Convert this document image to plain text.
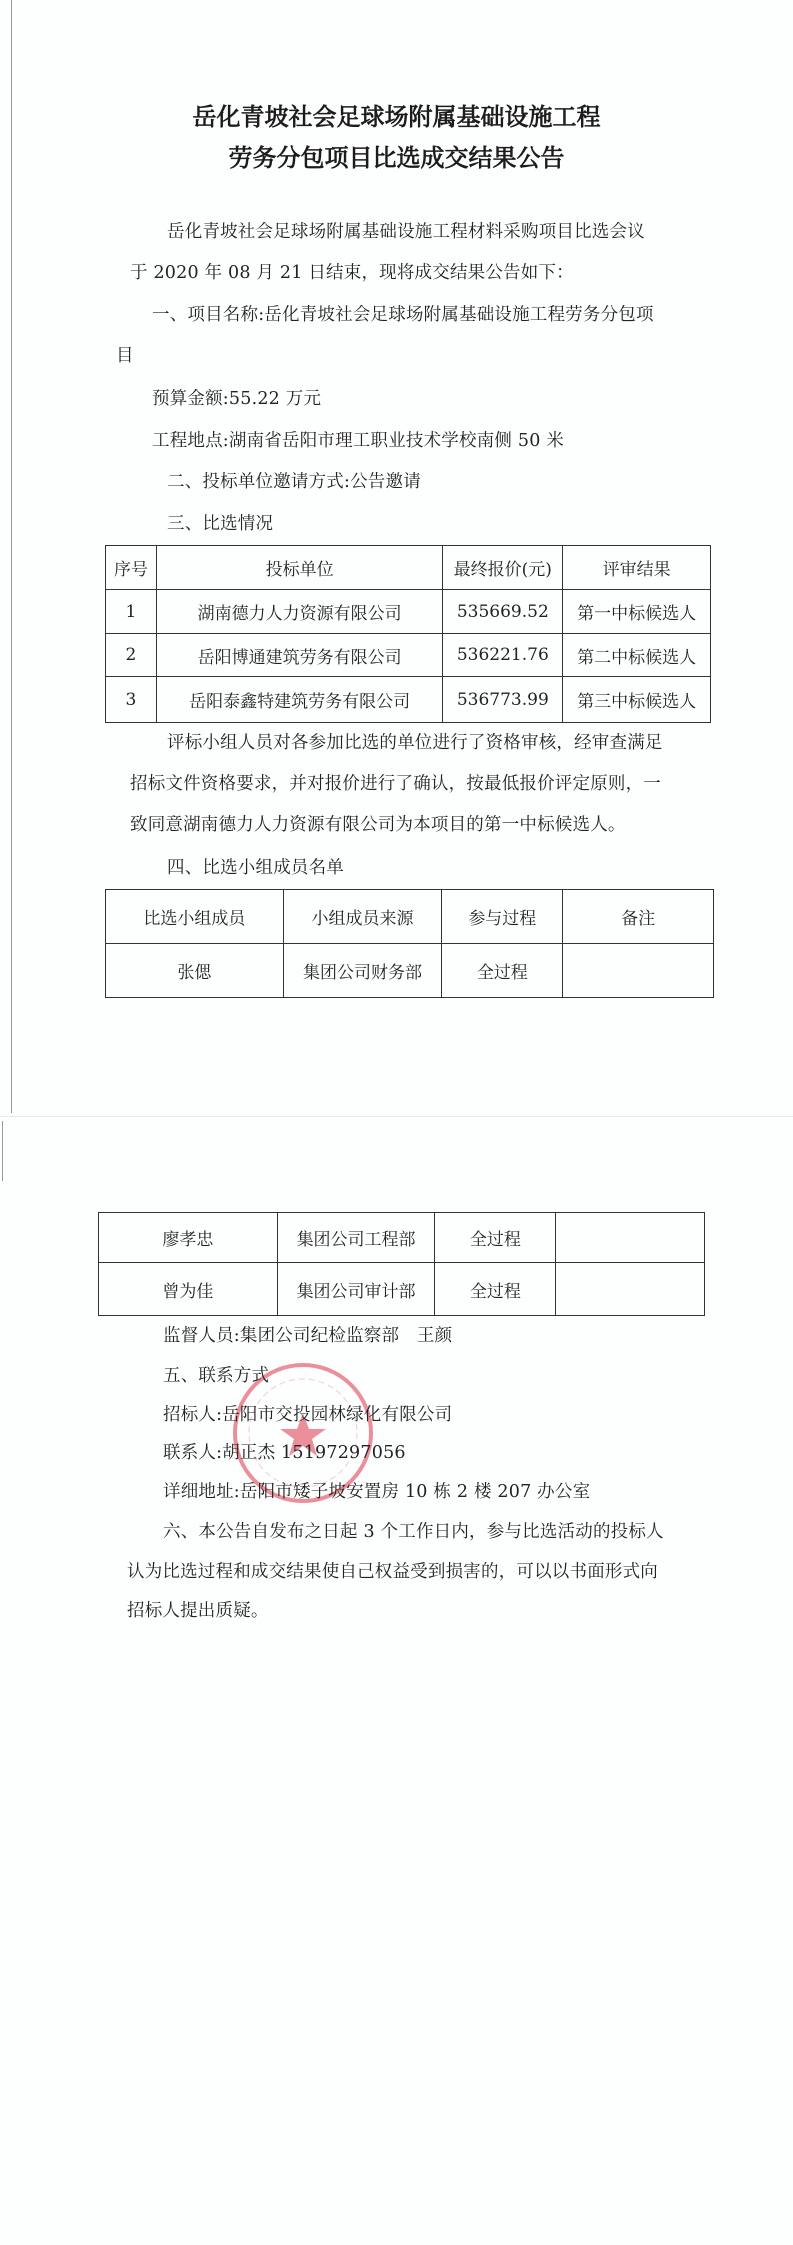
岳化青坡社会足球场附属基础设施工程
劳务分包项目比选成交结果公告
岳化青坡社会足球场附属基础设施工程材料采购项目比选会议
于 2020 年 08 月 21 日结束，现将成交结果公告如下：
一、项目名称:岳化青坡社会足球场附属基础设施工程劳务分包项
目
预算金额:55.22 万元
工程地点:湖南省岳阳市理工职业技术学校南侧 50 米
二、投标单位邀请方式:公告邀请
三、比选情况
序号	投标单位	最终报价(元)	评审结果
1	湖南德力人力资源有限公司	535669.52	第一中标候选人
2	岳阳博通建筑劳务有限公司	536221.76	第二中标候选人
3	岳阳泰鑫特建筑劳务有限公司	536773.99	第三中标候选人
评标小组人员对各参加比选的单位进行了资格审核，经审查满足
招标文件资格要求，并对报价进行了确认，按最低报价评定原则，一
致同意湖南德力人力资源有限公司为本项目的第一中标候选人。
四、比选小组成员名单
比选小组成员	小组成员来源	参与过程	备注
张偲	集团公司财务部	全过程	
廖孝忠	集团公司工程部	全过程	
曾为佳	集团公司审计部	全过程	
监督人员:集团公司纪检监察部　王颜
五、联系方式
招标人:岳阳市交投园林绿化有限公司
联系人:胡正杰 15197297056
详细地址:岳阳市矮子坡安置房 10 栋 2 楼 207 办公室
六、本公告自发布之日起 3 个工作日内，参与比选活动的投标人
认为比选过程和成交结果使自己权益受到损害的，可以以书面形式向
招标人提出质疑。
